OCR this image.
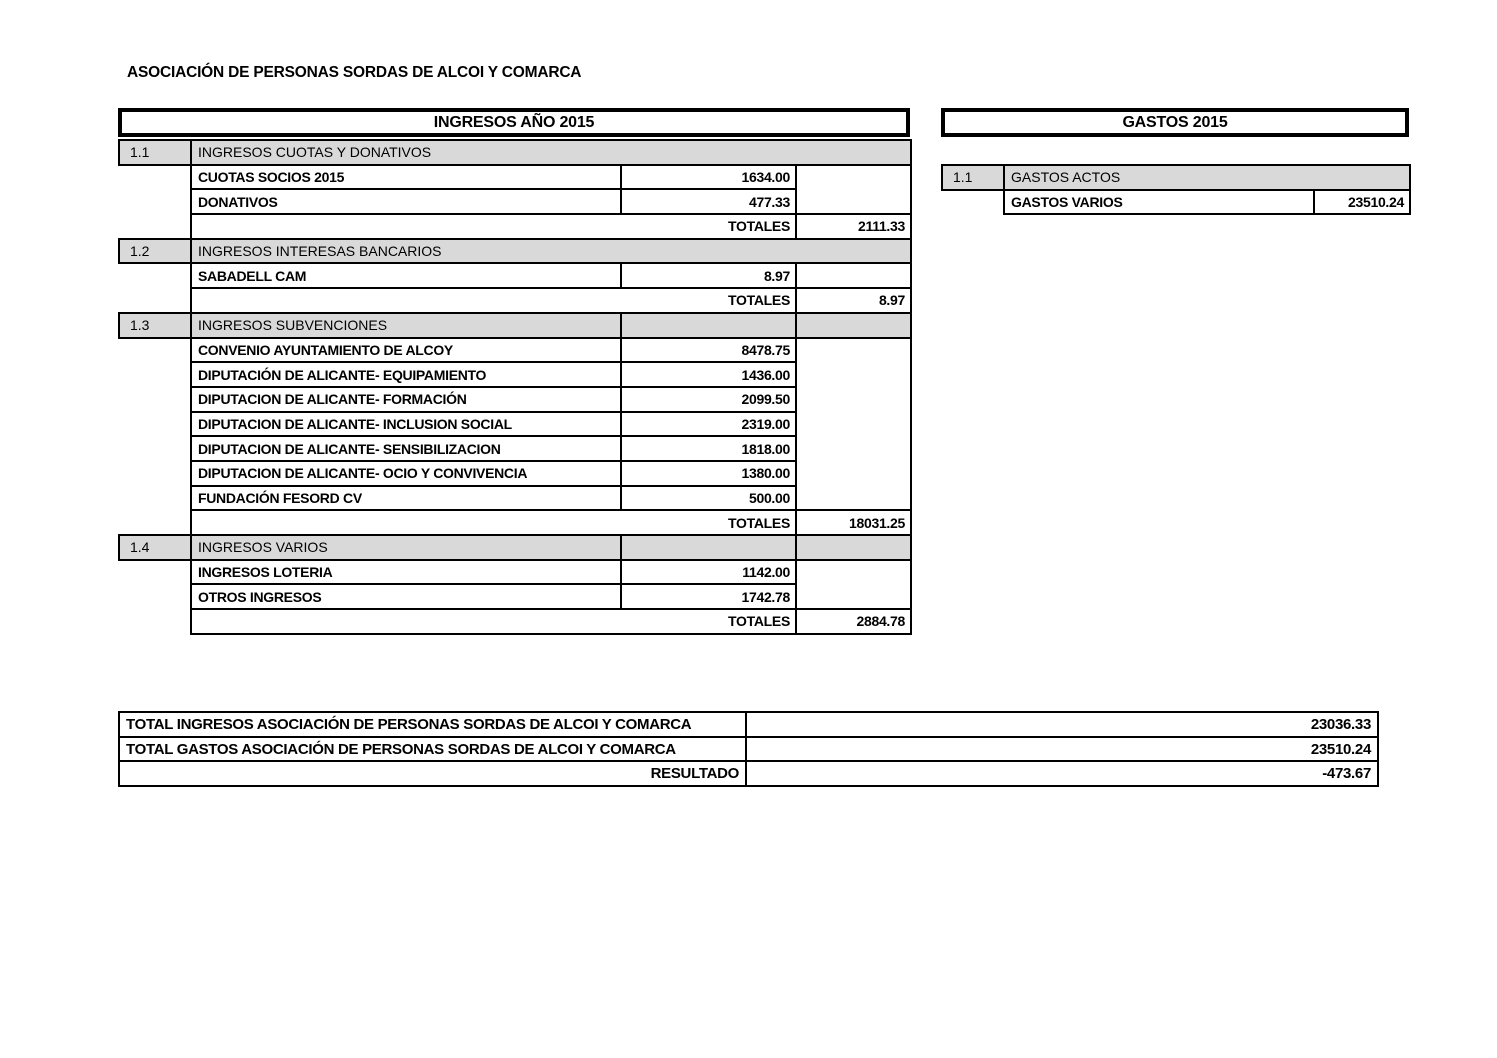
ASOCIACIÓN DE PERSONAS SORDAS DE ALCOI Y COMARCA
INGRESOS AÑO 2015
1.1	INGRESOS CUOTAS Y DONATIVOS		
	CUOTAS SOCIOS 2015	1634.00	
	DONATIVOS	477.33	
	TOTALES		2111.33
1.2	INGRESOS INTERESAS BANCARIOS		
	SABADELL CAM	8.97	
	TOTALES		8.97
1.3	INGRESOS SUBVENCIONES		
	CONVENIO AYUNTAMIENTO DE ALCOY	8478.75	
	DIPUTACIÓN DE ALICANTE- EQUIPAMIENTO	1436.00	
	DIPUTACION DE ALICANTE- FORMACIÓN	2099.50	
	DIPUTACION DE ALICANTE- INCLUSION SOCIAL	2319.00	
	DIPUTACION DE ALICANTE- SENSIBILIZACION	1818.00	
	DIPUTACION DE ALICANTE- OCIO Y CONVIVENCIA	1380.00	
	FUNDACIÓN FESORD CV	500.00	
	TOTALES		18031.25
1.4	INGRESOS VARIOS		
	INGRESOS LOTERIA	1142.00	
	OTROS INGRESOS	1742.78	
	TOTALES		2884.78
GASTOS 2015
1.1	GASTOS ACTOS	
	GASTOS VARIOS	23510.24
TOTAL INGRESOS ASOCIACIÓN DE PERSONAS SORDAS DE ALCOI Y COMARCA	23036.33
TOTAL GASTOS ASOCIACIÓN DE PERSONAS SORDAS DE ALCOI Y COMARCA	23510.24
RESULTADO	-473.67
